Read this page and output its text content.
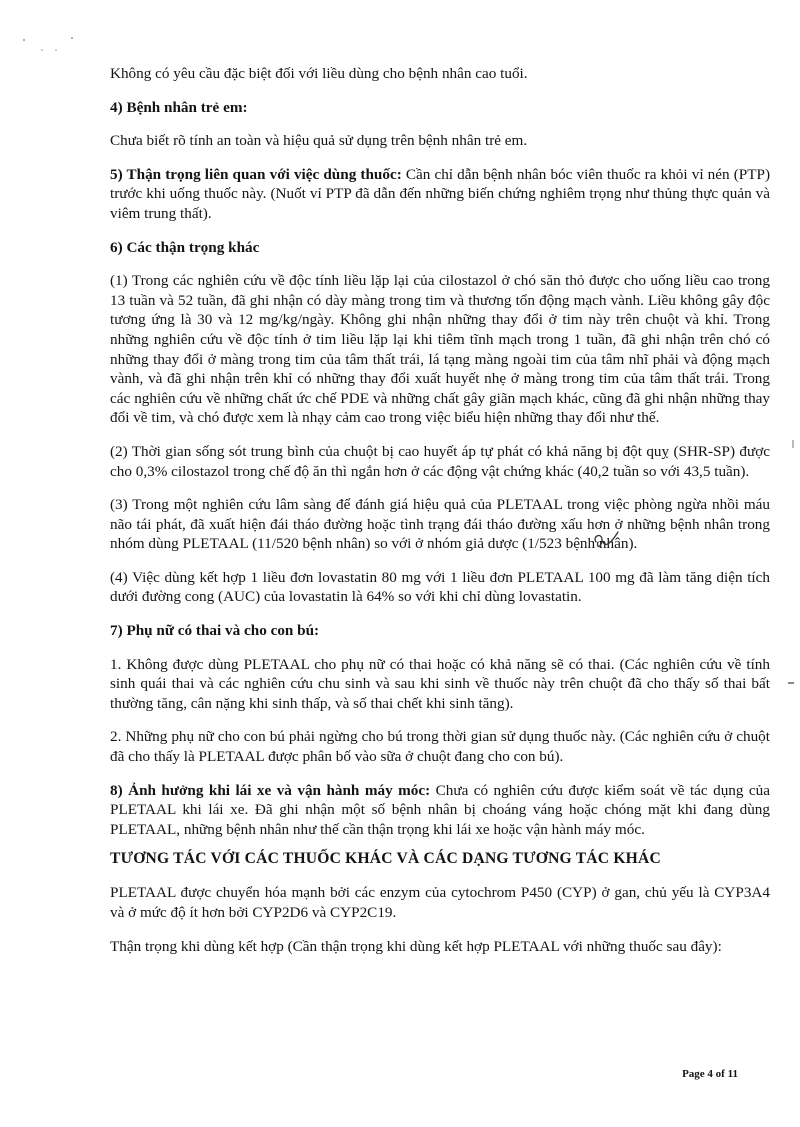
Không có yêu cầu đặc biệt đối với liều dùng cho bệnh nhân cao tuổi.

4) Bệnh nhân trẻ em:

Chưa biết rõ tính an toàn và hiệu quả sử dụng trên bệnh nhân trẻ em.

5) Thận trọng liên quan với việc dùng thuốc: Cần chỉ dẫn bệnh nhân bóc viên thuốc ra khỏi vỉ nén (PTP) trước khi uống thuốc này. (Nuốt vỉ PTP đã dẫn đến những biến chứng nghiêm trọng như thủng thực quản và viêm trung thất).

6) Các thận trọng khác

(1) Trong các nghiên cứu về độc tính liều lặp lại của cilostazol ở chó săn thỏ được cho uống liều cao trong 13 tuần và 52 tuần, đã ghi nhận có dày màng trong tim và thương tổn động mạch vành. Liều không gây độc tương ứng là 30 và 12 mg/kg/ngày. Không ghi nhận những thay đổi ở tim này trên chuột và khỉ. Trong những nghiên cứu về độc tính ở tim liều lặp lại khi tiêm tĩnh mạch trong 1 tuần, đã ghi nhận trên chó có những thay đổi ở màng trong tim của tâm thất trái, lá tạng màng ngoài tim của tâm nhĩ phải và động mạch vành, và đã ghi nhận trên khỉ có những thay đổi xuất huyết nhẹ ở màng trong tim của tâm thất trái. Trong các nghiên cứu về những chất ức chế PDE và những chất gây giãn mạch khác, cũng đã ghi nhận những thay đổi về tim, và chó được xem là nhạy cảm cao trong việc biểu hiện những thay đổi như thế.

(2) Thời gian sống sót trung bình của chuột bị cao huyết áp tự phát có khả năng bị đột quỵ (SHR-SP) được cho 0,3% cilostazol trong chế độ ăn thì ngắn hơn ở các động vật chứng khác (40,2 tuần so với 43,5 tuần).

(3) Trong một nghiên cứu lâm sàng để đánh giá hiệu quả của PLETAAL trong việc phòng ngừa nhồi máu não tái phát, đã xuất hiện đái tháo đường hoặc tình trạng đái tháo đường xấu hơn ở những bệnh nhân trong nhóm dùng PLETAAL (11/520 bệnh nhân) so với ở nhóm giả dược (1/523 bệnh nhân).

(4) Việc dùng kết hợp 1 liều đơn lovastatin 80 mg với 1 liều đơn PLETAAL 100 mg đã làm tăng diện tích dưới đường cong (AUC) của lovastatin là 64% so với khi chỉ dùng lovastatin.

7) Phụ nữ có thai và cho con bú:

1. Không được dùng PLETAAL cho phụ nữ có thai hoặc có khả năng sẽ có thai. (Các nghiên cứu về tính sinh quái thai và các nghiên cứu chu sinh và sau khi sinh về thuốc này trên chuột đã cho thấy số thai bất thường tăng, cân nặng khi sinh thấp, và số thai chết khi sinh tăng).

2. Những phụ nữ cho con bú phải ngừng cho bú trong thời gian sử dụng thuốc này. (Các nghiên cứu ở chuột đã cho thấy là PLETAAL được phân bố vào sữa ở chuột đang cho con bú).

8) Ảnh hưởng khi lái xe và vận hành máy móc: Chưa có nghiên cứu được kiểm soát về tác dụng của PLETAAL khi lái xe. Đã ghi nhận một số bệnh nhân bị choáng váng hoặc chóng mặt khi đang dùng PLETAAL, những bệnh nhân như thế cần thận trọng khi lái xe hoặc vận hành máy móc.

TƯƠNG TÁC VỚI CÁC THUỐC KHÁC VÀ CÁC DẠNG TƯƠNG TÁC KHÁC

PLETAAL được chuyển hóa mạnh bởi các enzym của cytochrom P450 (CYP) ở gan, chủ yếu là CYP3A4 và ở mức độ ít hơn bởi CYP2D6 và CYP2C19.

Thận trọng khi dùng kết hợp (Cần thận trọng khi dùng kết hợp PLETAAL với những thuốc sau đây):

Page 4 of 11
